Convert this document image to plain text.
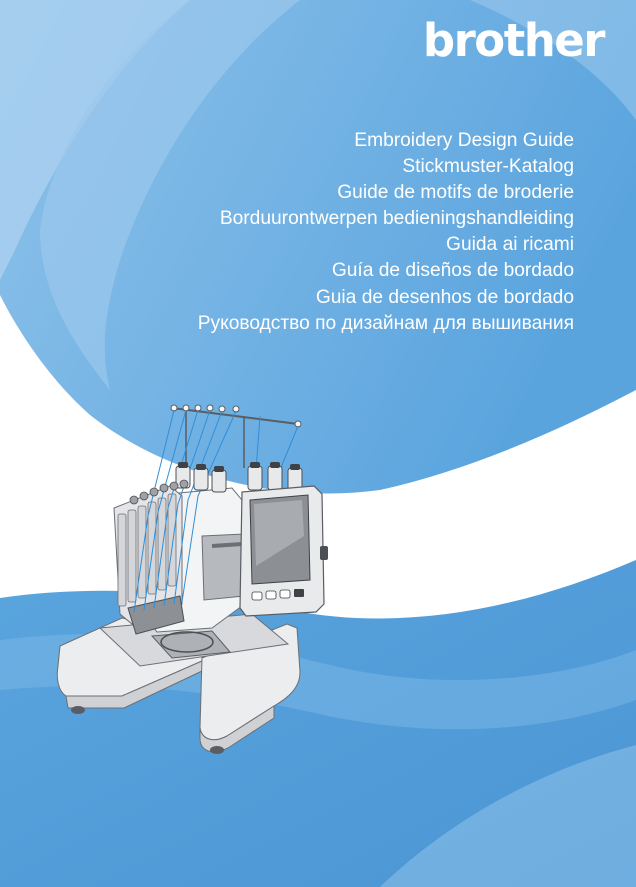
brother
Embroidery Design Guide
Stickmuster-Katalog
Guide de motifs de broderie
Borduurontwerpen bedieningshandleiding
Guida ai ricami
Guía de diseños de bordado
Guia de desenhos de bordado
Руководство по дизайнам для вышивания
